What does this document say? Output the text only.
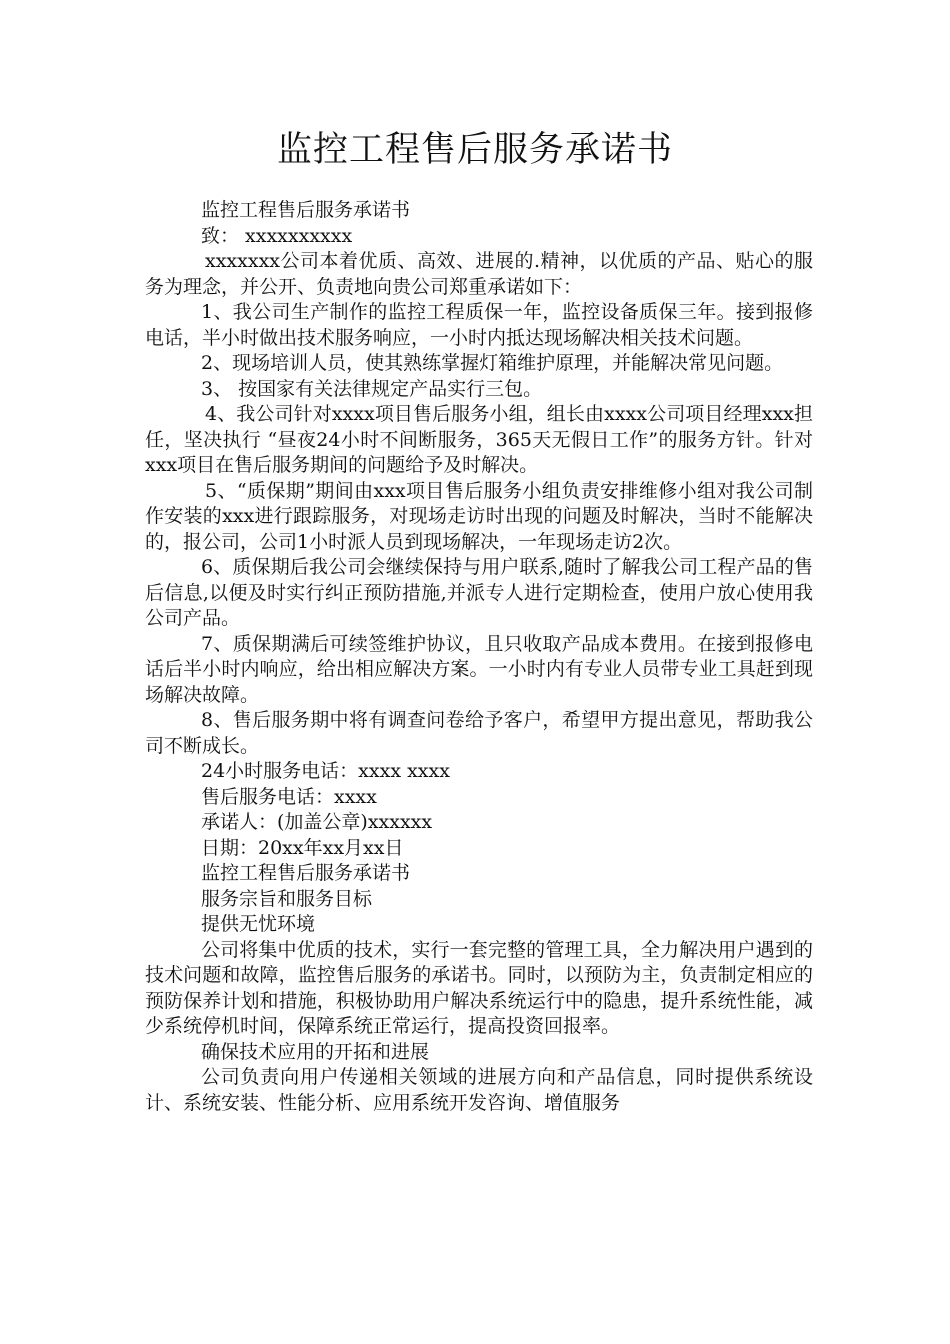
监控工程售后服务承诺书

监控工程售后服务承诺书

致： xxxxxxxxxx

xxxxxxx公司本着优质、高效、进展的.精神，以优质的产品、贴心的服务为理念，并公开、负责地向贵公司郑重承诺如下：

1、我公司生产制作的监控工程质保一年，监控设备质保三年。接到报修电话，半小时做出技术服务响应，一小时内抵达现场解决相关技术问题。

2、现场培训人员，使其熟练掌握灯箱维护原理，并能解决常见问题。

3、 按国家有关法律规定产品实行三包。

4、我公司针对xxxx项目售后服务小组，组长由xxxx公司项目经理xxx担任，坚决执行 “昼夜24小时不间断服务，365天无假日工作”的服务方针。针对xxx项目在售后服务期间的问题给予及时解决。

5、“质保期”期间由xxx项目售后服务小组负责安排维修小组对我公司制作安装的xxx进行跟踪服务，对现场走访时出现的问题及时解决，当时不能解决的，报公司，公司1小时派人员到现场解决，一年现场走访2次。

6、质保期后我公司会继续保持与用户联系,随时了解我公司工程产品的售后信息,以便及时实行纠正预防措施,并派专人进行定期检查，使用户放心使用我公司产品。

7、质保期满后可续签维护协议，且只收取产品成本费用。在接到报修电话后半小时内响应，给出相应解决方案。一小时内有专业人员带专业工具赶到现场解决故障。

8、售后服务期中将有调查问卷给予客户，希望甲方提出意见，帮助我公司不断成长。

24小时服务电话：xxxx xxxx

售后服务电话：xxxx

承诺人：(加盖公章)xxxxxx

日期：20xx年xx月xx日

监控工程售后服务承诺书

服务宗旨和服务目标

提供无忧环境

公司将集中优质的技术，实行一套完整的管理工具，全力解决用户遇到的技术问题和故障，监控售后服务的承诺书。同时，以预防为主，负责制定相应的预防保养计划和措施，积极协助用户解决系统运行中的隐患，提升系统性能，减少系统停机时间，保障系统正常运行，提高投资回报率。

确保技术应用的开拓和进展

公司负责向用户传递相关领域的进展方向和产品信息，同时提供系统设计、系统安装、性能分析、应用系统开发咨询、增值服务
